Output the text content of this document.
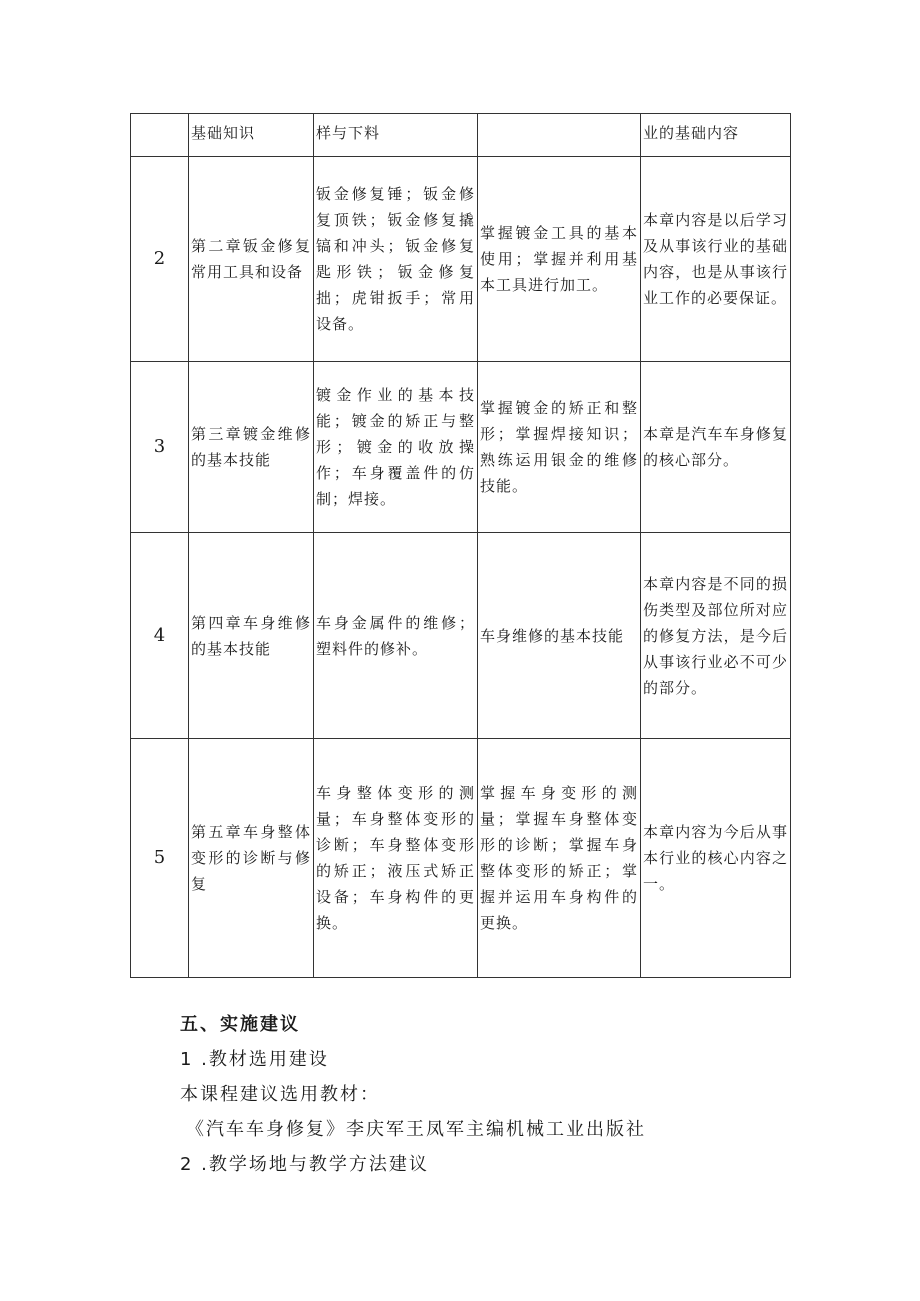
	基础知识	样与下料		业的基础内容
2	第二章钣金修复常用工具和设备	钣金修复锤；钣金修复顶铁；钣金修复撬镐和冲头；钣金修复匙形铁；钣金修复拙；虎钳扳手；常用设备。	掌握镀金工具的基本使用；掌握并利用基本工具进行加工。	本章内容是以后学习及从事该行业的基础内容，也是从事该行业工作的必要保证。
3	第三章镀金维修的基本技能	镀金作业的基本技能；镀金的矫正与整形；镀金的收放操作；车身覆盖件的仿制；焊接。	掌握镀金的矫正和整形；掌握焊接知识；熟练运用银金的维修技能。	本章是汽车车身修复的核心部分。
4	第四章车身维修的基本技能	车身金属件的维修；塑料件的修补。	车身维修的基本技能	本章内容是不同的损伤类型及部位所对应的修复方法，是今后从事该行业必不可少的部分。
5	第五章车身整体变形的诊断与修复	车身整体变形的测量；车身整体变形的诊断；车身整体变形的矫正；液压式矫正设备；车身构件的更换。	掌握车身变形的测量；掌握车身整体变形的诊断；掌握车身整体变形的矫正；掌握并运用车身构件的更换。	本章内容为今后从事本行业的核心内容之一。
五、实施建议
1 .教材选用建设
本课程建议选用教材：
《汽车车身修复》李庆军王凤军主编机械工业出版社
2 .教学场地与教学方法建议
